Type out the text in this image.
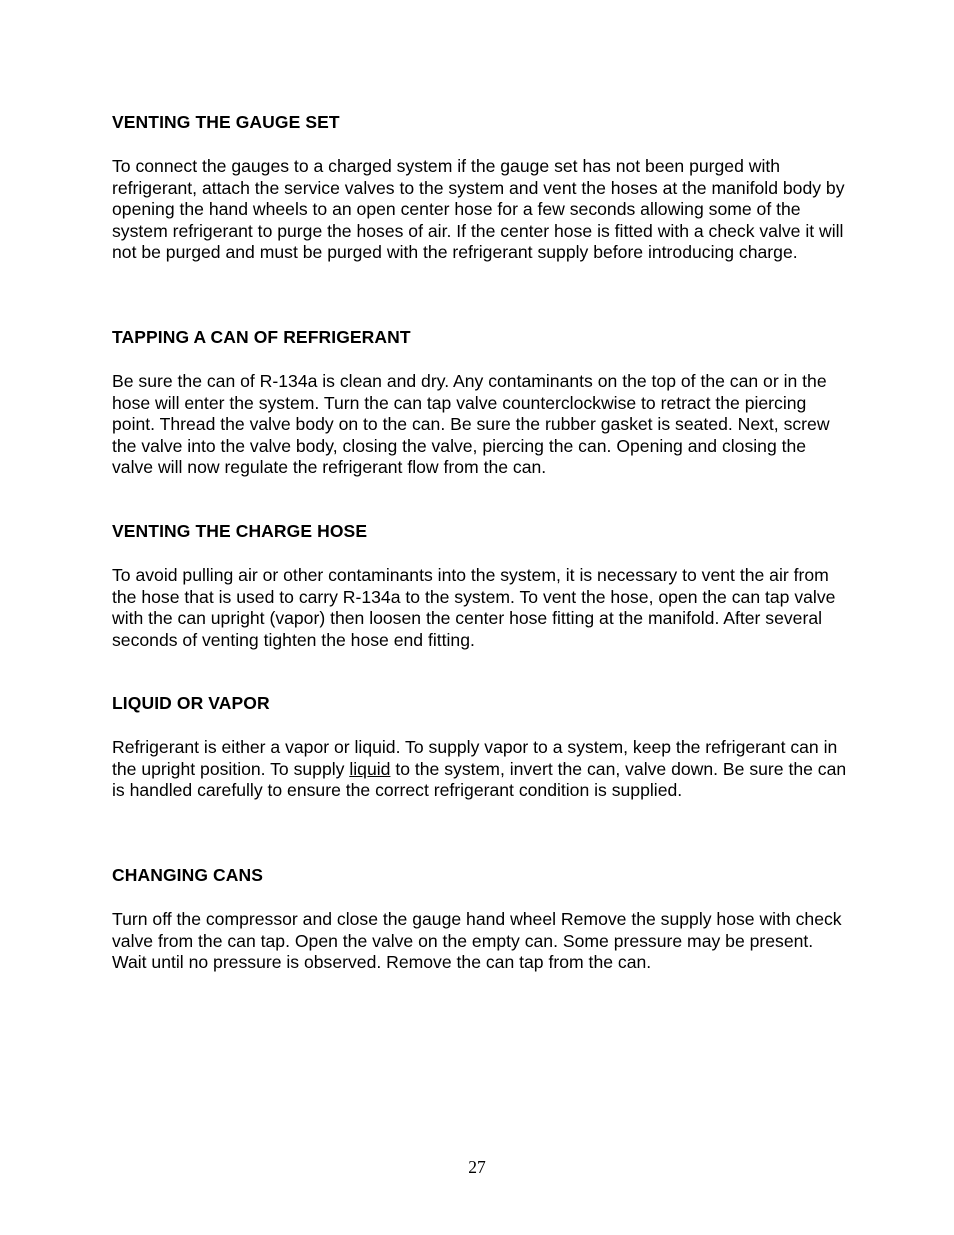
VENTING THE GAUGE SET

To connect the gauges to a charged system if the gauge set has not been purged with refrigerant, attach the service valves to the system and vent the hoses at the manifold body by opening the hand wheels to an open center hose for a few seconds allowing some of the system refrigerant to purge the hoses of air. If the center hose is fitted with a check valve it will not be purged and must be purged with the refrigerant supply before introducing charge.

TAPPING A CAN OF REFRIGERANT

Be sure the can of R-134a is clean and dry. Any contaminants on the top of the can or in the hose will enter the system. Turn the can tap valve counterclockwise to retract the piercing point. Thread the valve body on to the can. Be sure the rubber gasket is seated. Next, screw the valve into the valve body, closing the valve, piercing the can. Opening and closing the valve will now regulate the refrigerant flow from the can.

VENTING THE CHARGE HOSE

To avoid pulling air or other contaminants into the system, it is necessary to vent the air from the hose that is used to carry R-134a to the system. To vent the hose, open the can tap valve with the can upright (vapor) then loosen the center hose fitting at the manifold. After several seconds of venting tighten the hose end fitting.

LIQUID OR VAPOR

Refrigerant is either a vapor or liquid. To supply vapor to a system, keep the refrigerant can in the upright position. To supply liquid to the system, invert the can, valve down. Be sure the can is handled carefully to ensure the correct refrigerant condition is supplied.

CHANGING CANS

Turn off the compressor and close the gauge hand wheel Remove the supply hose with check valve from the can tap. Open the valve on the empty can. Some pressure may be present. Wait until no pressure is observed. Remove the can tap from the can.

27
